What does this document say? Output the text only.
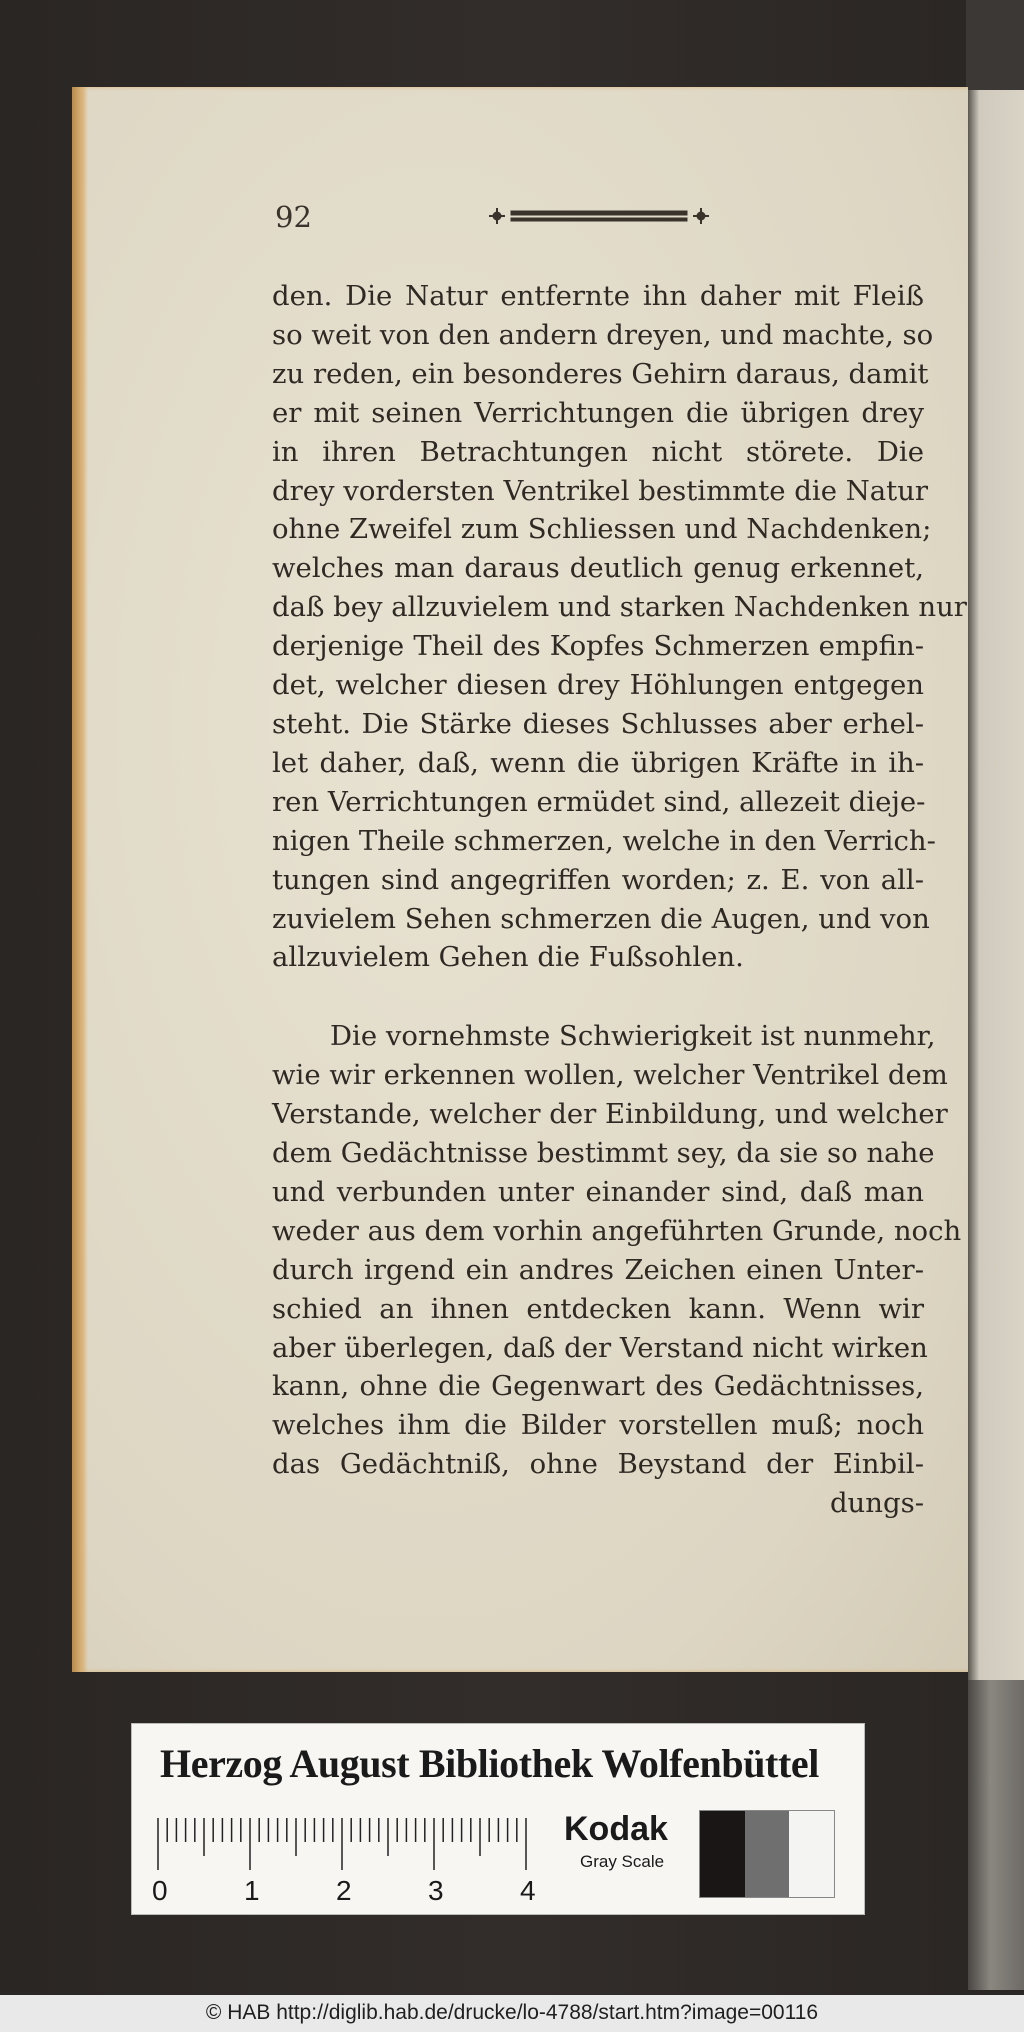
92
den. Die Natur entfernte ihn daher mit Fleiß
so weit von den andern dreyen, und machte, so
zu reden, ein besonderes Gehirn daraus, damit
er mit seinen Verrichtungen die übrigen drey
in ihren Betrachtungen nicht störete. Die
drey vordersten Ventrikel bestimmte die Natur
ohne Zweifel zum Schliessen und Nachdenken;
welches man daraus deutlich genug erkennet,
daß bey allzuvielem und starken Nachdenken nur
derjenige Theil des Kopfes Schmerzen empfin-
det, welcher diesen drey Höhlungen entgegen
steht. Die Stärke dieses Schlusses aber erhel-
let daher, daß, wenn die übrigen Kräfte in ih-
ren Verrichtungen ermüdet sind, allezeit dieje-
nigen Theile schmerzen, welche in den Verrich-
tungen sind angegriffen worden; z. E. von all-
zuvielem Sehen schmerzen die Augen, und von
allzuvielem Gehen die Fußsohlen.
Die vornehmste Schwierigkeit ist nunmehr,
wie wir erkennen wollen, welcher Ventrikel dem
Verstande, welcher der Einbildung, und welcher
dem Gedächtnisse bestimmt sey, da sie so nahe
und verbunden unter einander sind, daß man
weder aus dem vorhin angeführten Grunde, noch
durch irgend ein andres Zeichen einen Unter-
schied an ihnen entdecken kann. Wenn wir
aber überlegen, daß der Verstand nicht wirken
kann, ohne die Gegenwart des Gedächtnisses,
welches ihm die Bilder vorstellen muß; noch
das Gedächtniß, ohne Beystand der Einbil-
dungs-
Herzog August Bibliothek Wolfenbüttel
0	1	2	3	4
Kodak
Gray Scale
© HAB http://diglib.hab.de/drucke/lo-4788/start.htm?image=00116
